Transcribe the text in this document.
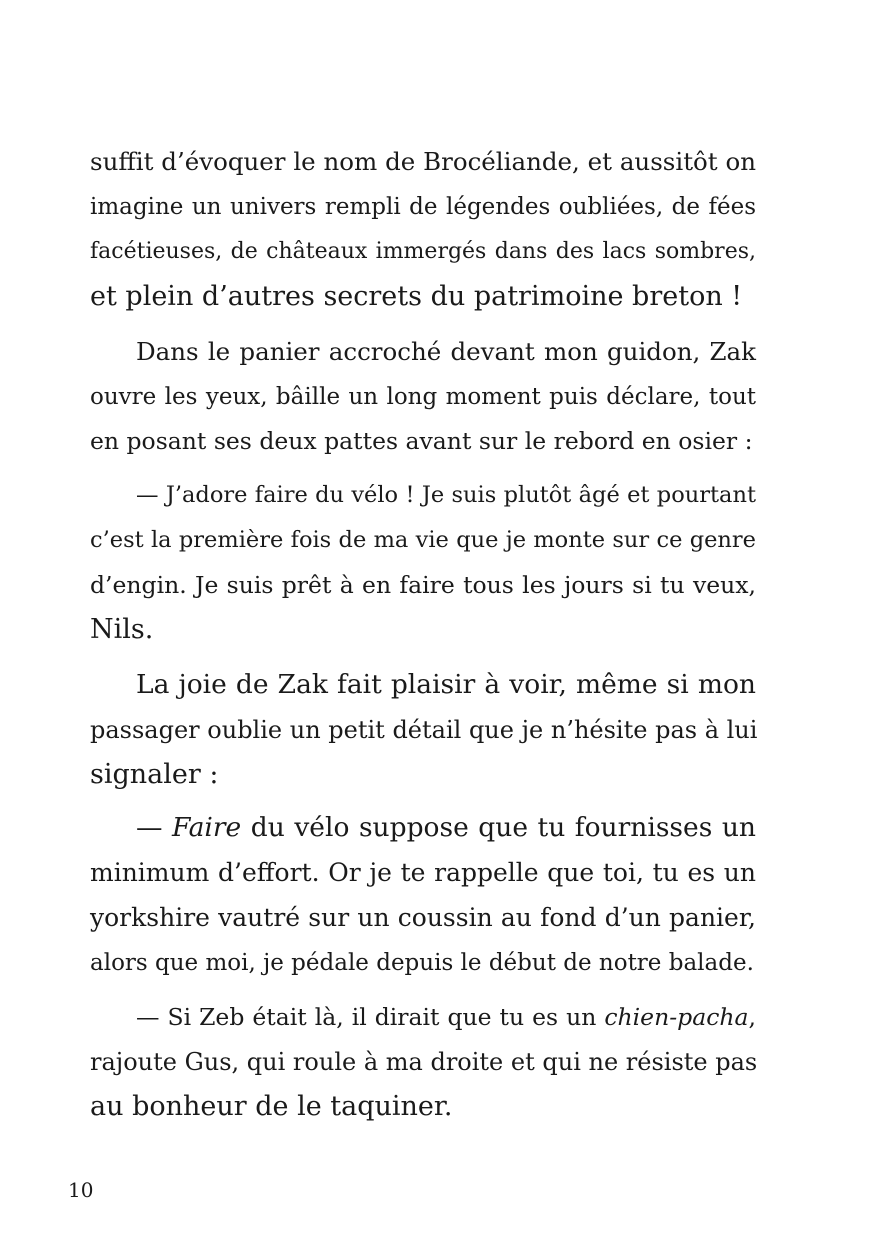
suffit d’évoquer le nom de Brocéliande, et aussitôt on
imagine un univers rempli de légendes oubliées, de fées
facétieuses, de châteaux immergés dans des lacs sombres,
et plein d’autres secrets du patrimoine breton !
Dans le panier accroché devant mon guidon, Zak
ouvre les yeux, bâille un long moment puis déclare, tout
en posant ses deux pattes avant sur le rebord en osier :
— J’adore faire du vélo ! Je suis plutôt âgé et pourtant
c’est la première fois de ma vie que je monte sur ce genre
d’engin. Je suis prêt à en faire tous les jours si tu veux,
Nils.
La joie de Zak fait plaisir à voir, même si mon
passager oublie un petit détail que je n’hésite pas à lui
signaler :
— Faire du vélo suppose que tu fournisses un
minimum d’effort. Or je te rappelle que toi, tu es un
yorkshire vautré sur un coussin au fond d’un panier,
alors que moi, je pédale depuis le début de notre balade.
— Si Zeb était là, il dirait que tu es un chien-pacha,
rajoute Gus, qui roule à ma droite et qui ne résiste pas
au bonheur de le taquiner.
10
